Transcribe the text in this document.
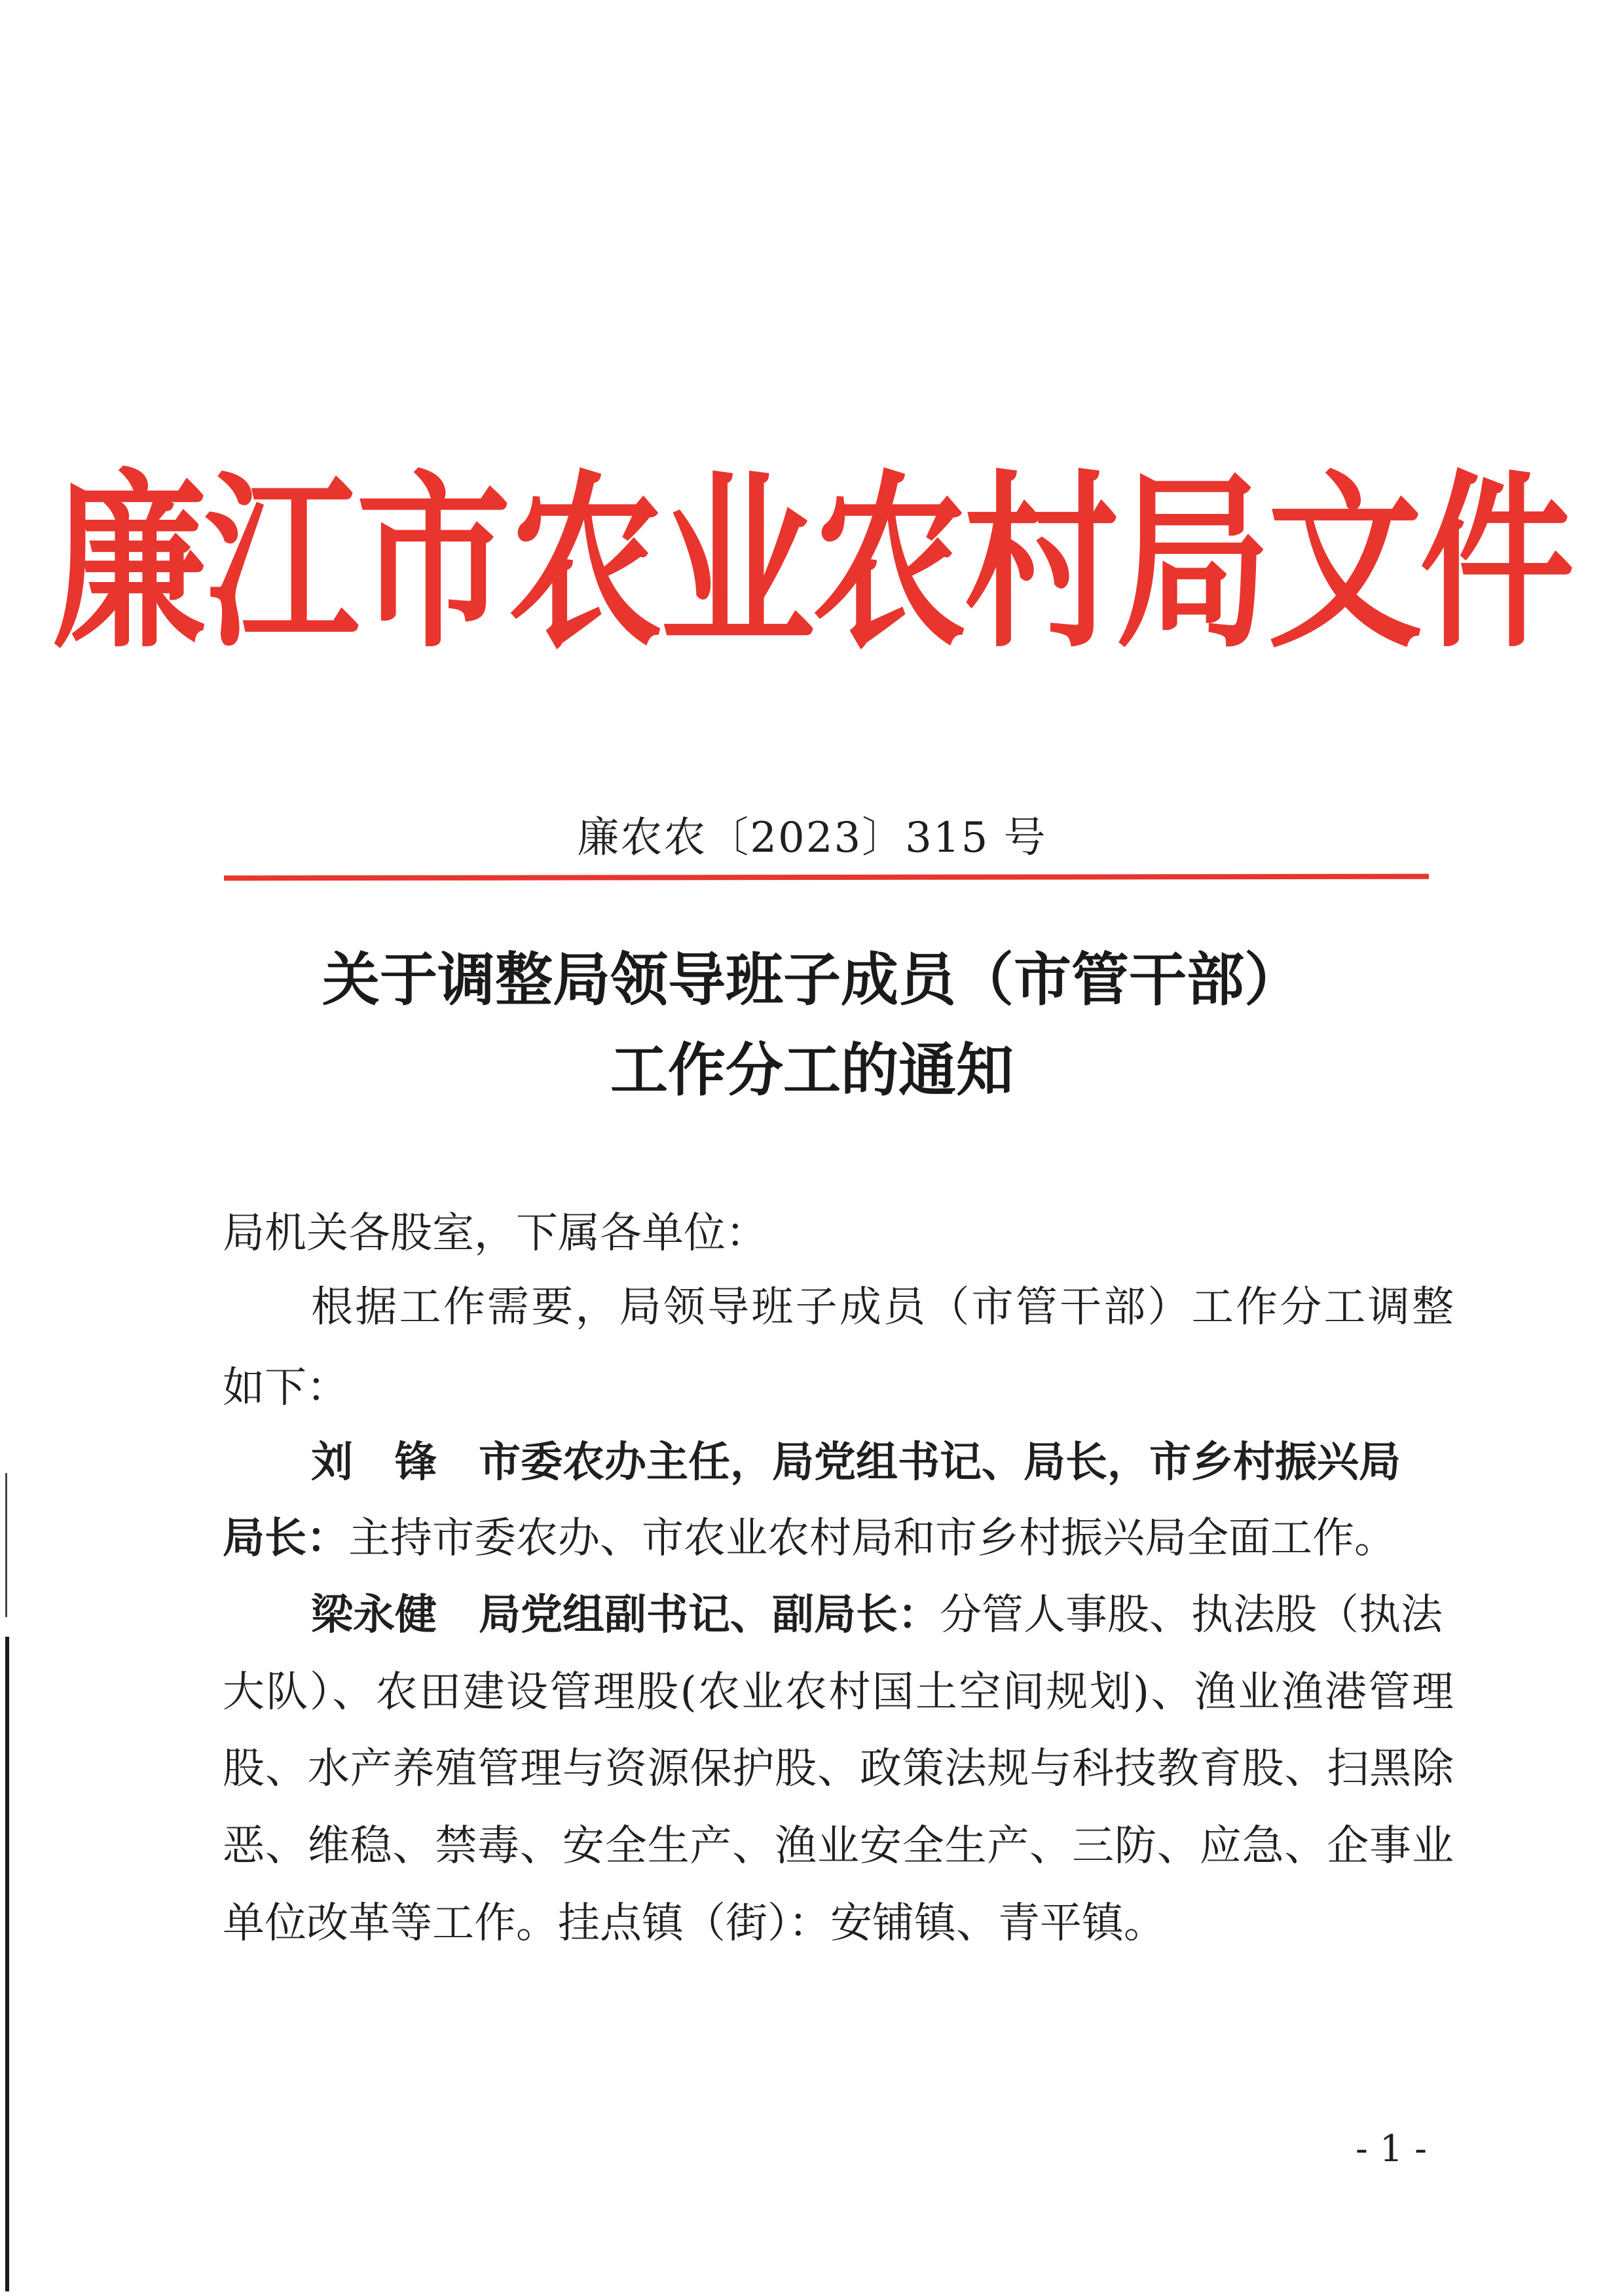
廉江市农业农村局文件
廉农农〔2023〕315 号
关于调整局领导班子成员（市管干部）
工作分工的通知
局机关各股室，下属各单位：
根据工作需要，局领导班子成员（市管干部）工作分工调整
如下：
刘　锋　 市委农办主任，局党组书记、局长，市乡村振兴局
局长：主持市委农办、市农业农村局和市乡村振兴局全面工作。
梁永健　 局党组副书记、副局长：分管人事股、执法股（执法
大队）、农田建设管理股(农业农村国土空间规划)、渔业渔港管理
股、水产养殖管理与资源保护股、政策法规与科技教育股、扫黑除
恶、维稳、禁毒、安全生产、渔业安全生产、三防、应急、企事业
单位改革等工作。挂点镇（街）：安铺镇、青平镇。
- 1 -
